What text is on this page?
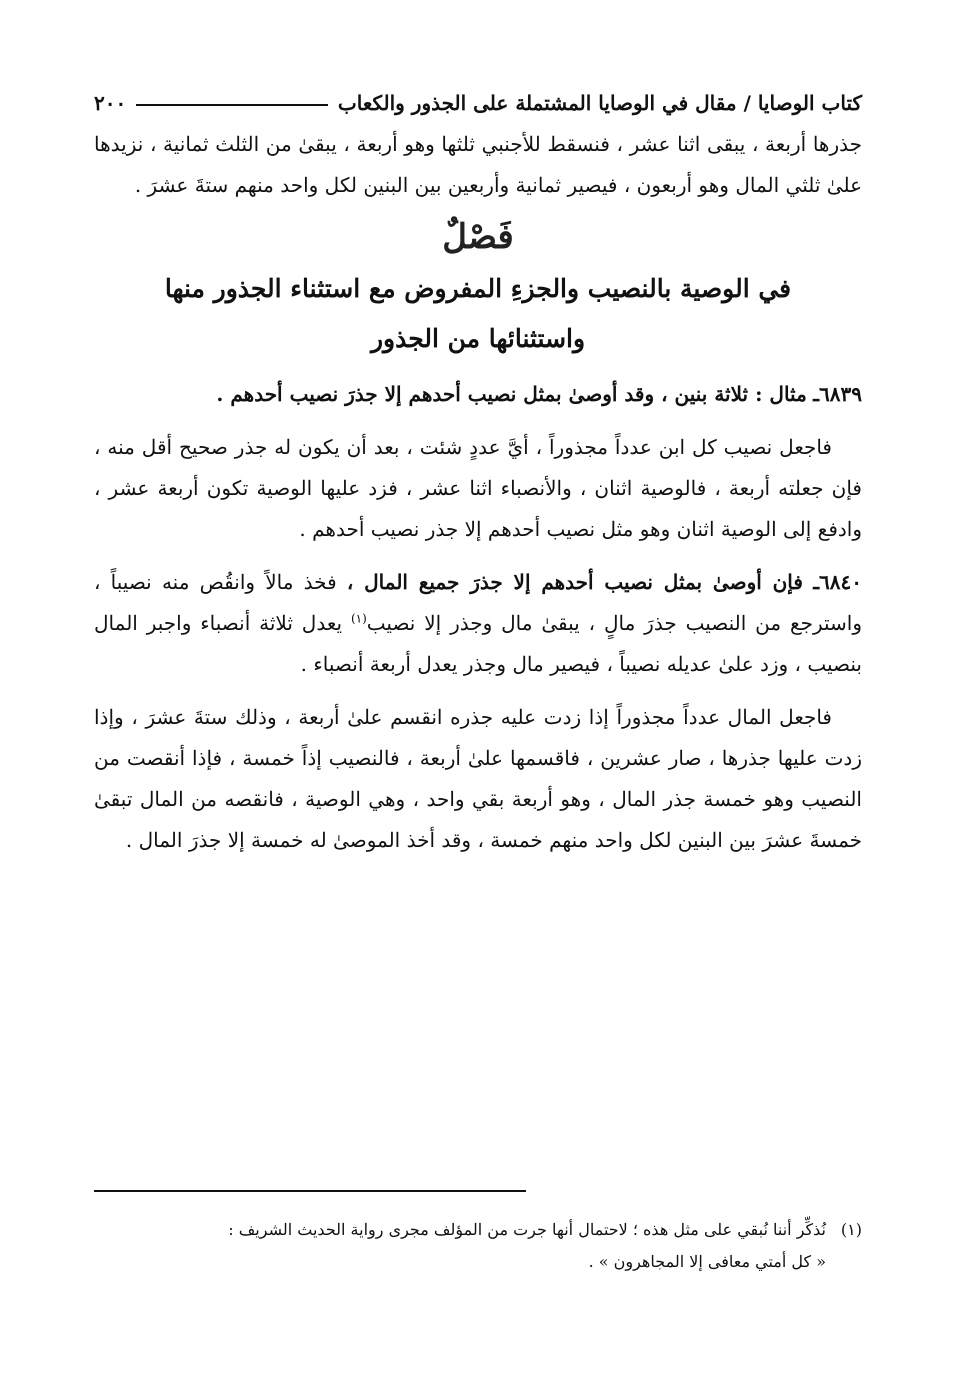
كتاب الوصايا / مقال في الوصايا المشتملة على الجذور والكعاب
٢٠٠

جذرها أربعة ، يبقى اثنا عشر ، فنسقط للأجنبي ثلثها وهو أربعة ، يبقىٰ من الثلث ثمانية ، نزيدها علىٰ ثلثي المال وهو أربعون ، فيصير ثمانية وأربعين بين البنين لكل واحد منهم ستةَ عشرَ .

فَصْلٌ
في الوصية بالنصيب والجزءِ المفروض مع استثناء الجذور منها
واستثنائها من الجذور

٦٨٣٩ـ مثال : ثلاثة بنين ، وقد أوصىٰ بمثل نصيب أحدهم إلا جذرَ نصيب أحدهم .

فاجعل نصيب كل ابن عدداً مجذوراً ، أيَّ عددٍ شئت ، بعد أن يكون له جذر صحيح أقل منه ، فإن جعلته أربعة ، فالوصية اثنان ، والأنصباء اثنا عشر ، فزد عليها الوصية تكون أربعة عشر ، وادفع إلى الوصية اثنان وهو مثل نصيب أحدهم إلا جذر نصيب أحدهم .

٦٨٤٠ـ فإن أوصىٰ بمثل نصيب أحدهم إلا جذرَ جميع المال ، فخذ مالاً وانقُص منه نصيباً ، واسترجع من النصيب جذرَ مالٍ ، يبقىٰ مال وجذر إلا نصيب$^{(١)}$ يعدل ثلاثة أنصباء واجبر المال بنصيب ، وزد علىٰ عديله نصيباً ، فيصير مال وجذر يعدل أربعة أنصباء .

فاجعل المال عدداً مجذوراً إذا زدت عليه جذره انقسم علىٰ أربعة ، وذلك ستةَ عشرَ ، وإذا زدت عليها جذرها ، صار عشرين ، فاقسمها علىٰ أربعة ، فالنصيب إذاً خمسة ، فإذا أنقصت من النصيب وهو خمسة جذر المال ، وهو أربعة بقي واحد ، وهي الوصية ، فانقصه من المال تبقىٰ خمسةَ عشرَ بين البنين لكل واحد منهم خمسة ، وقد أخذ الموصىٰ له خمسة إلا جذرَ المال .

(١)نُذكِّر أننا نُبقي على مثل هذه ؛ لاحتمال أنها جرت من المؤلف مجرى رواية الحديث الشريف :
« كل أمتي معافى إلا المجاهرون » .
